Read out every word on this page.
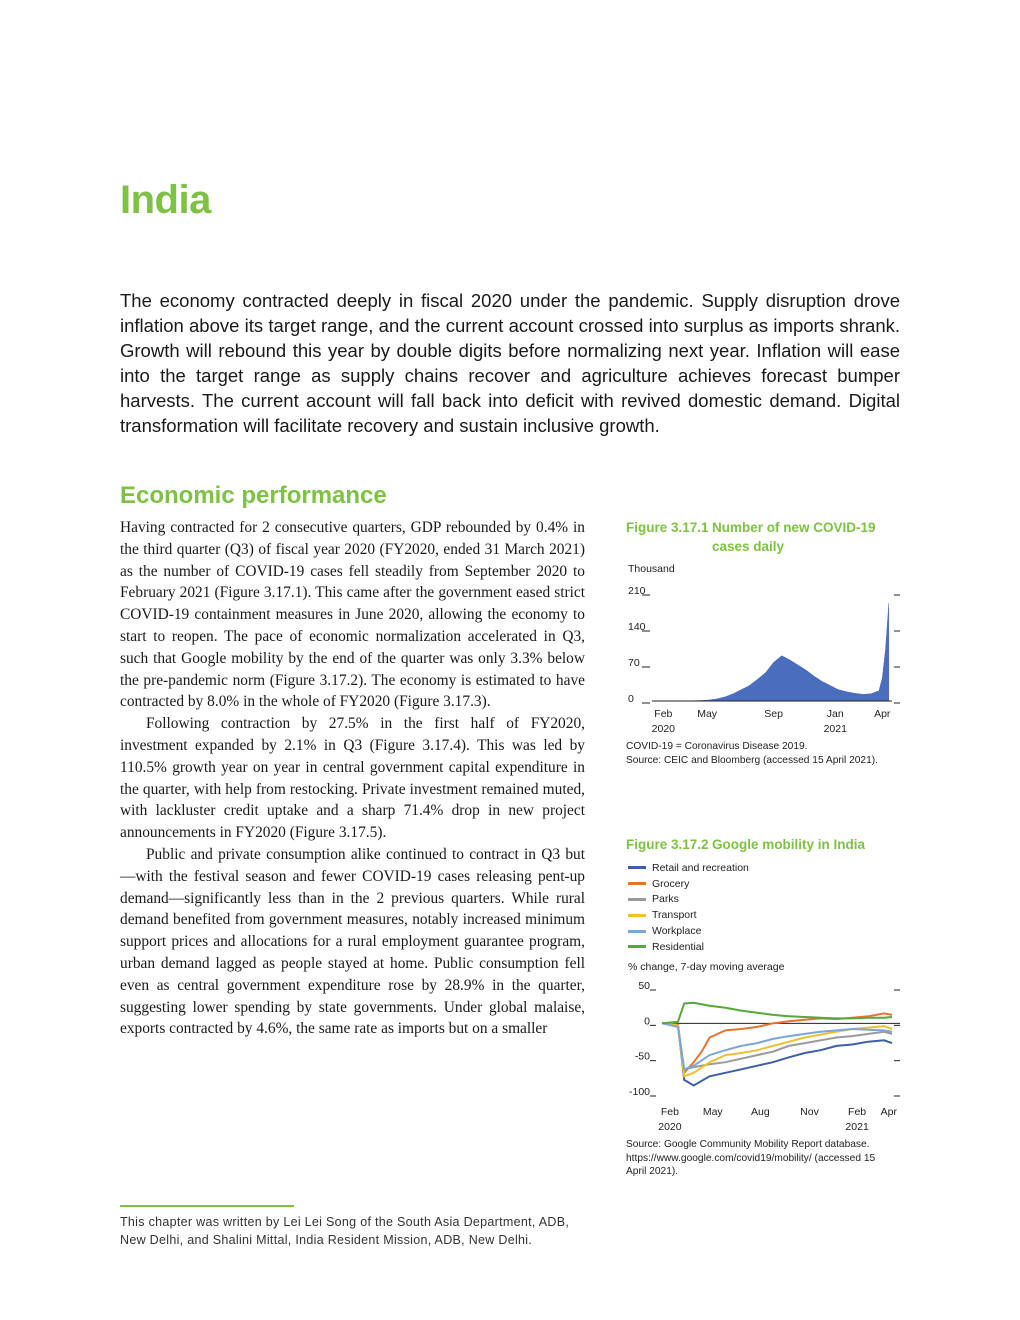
India

The economy contracted deeply in fiscal 2020 under the pandemic. Supply disruption drove inflation above its target range, and the current account crossed into surplus as imports shrank. Growth will rebound this year by double digits before normalizing next year. Inflation will ease into the target range as supply chains recover and agriculture achieves forecast bumper harvests. The current account will fall back into deficit with revived domestic demand. Digital transformation will facilitate recovery and sustain inclusive growth.

Economic performance

Having contracted for 2 consecutive quarters, GDP rebounded by 0.4% in the third quarter (Q3) of fiscal year 2020 (FY2020, ended 31 March 2021) as the number of COVID-19 cases fell steadily from September 2020 to February 2021 (Figure 3.17.1). This came after the government eased strict COVID-19 containment measures in June 2020, allowing the economy to start to reopen. The pace of economic normalization accelerated in Q3, such that Google mobility by the end of the quarter was only 3.3% below the pre-pandemic norm (Figure 3.17.2). The economy is estimated to have contracted by 8.0% in the whole of FY2020 (Figure 3.17.3).

Following contraction by 27.5% in the first half of FY2020, investment expanded by 2.1% in Q3 (Figure 3.17.4). This was led by 110.5% growth year on year in central government capital expenditure in the quarter, with help from restocking. Private investment remained muted, with lackluster credit uptake and a sharp 71.4% drop in new project announcements in FY2020 (Figure 3.17.5).

Public and private consumption alike continued to contract in Q3 but—with the festival season and fewer COVID-19 cases releasing pent-up demand—significantly less than in the 2 previous quarters. While rural demand benefited from government measures, notably increased minimum support prices and allocations for a rural employment guarantee program, urban demand lagged as people stayed at home. Public consumption fell even as central government expenditure rose by 28.9% in the quarter, suggesting lower spending by state governments. Under global malaise, exports contracted by 4.6%, the same rate as imports but on a smaller

This chapter was written by Lei Lei Song of the South Asia Department, ADB, New Delhi, and Shalini Mittal, India Resident Mission, ADB, New Delhi.

Figure 3.17.1 Number of new COVID-19 cases daily
Thousand
0
70
140
210
Feb May	Sep	Jan	Apr
2020	2021
COVID-19 = Coronavirus Disease 2019.
Source: CEIC and Bloomberg (accessed 15 April 2021).
Figure 3.17.2 Google mobility in India
Retail and recreation
Grocery
Parks
Transport
Workplace
Residential
% change, 7-day moving average
50
0
-50
-100
Feb May	Aug	Nov	Feb Apr
2020	2021
Source: Google Community Mobility Report database. https://www.google.com/covid19/mobility/ (accessed 15 April 2021).
